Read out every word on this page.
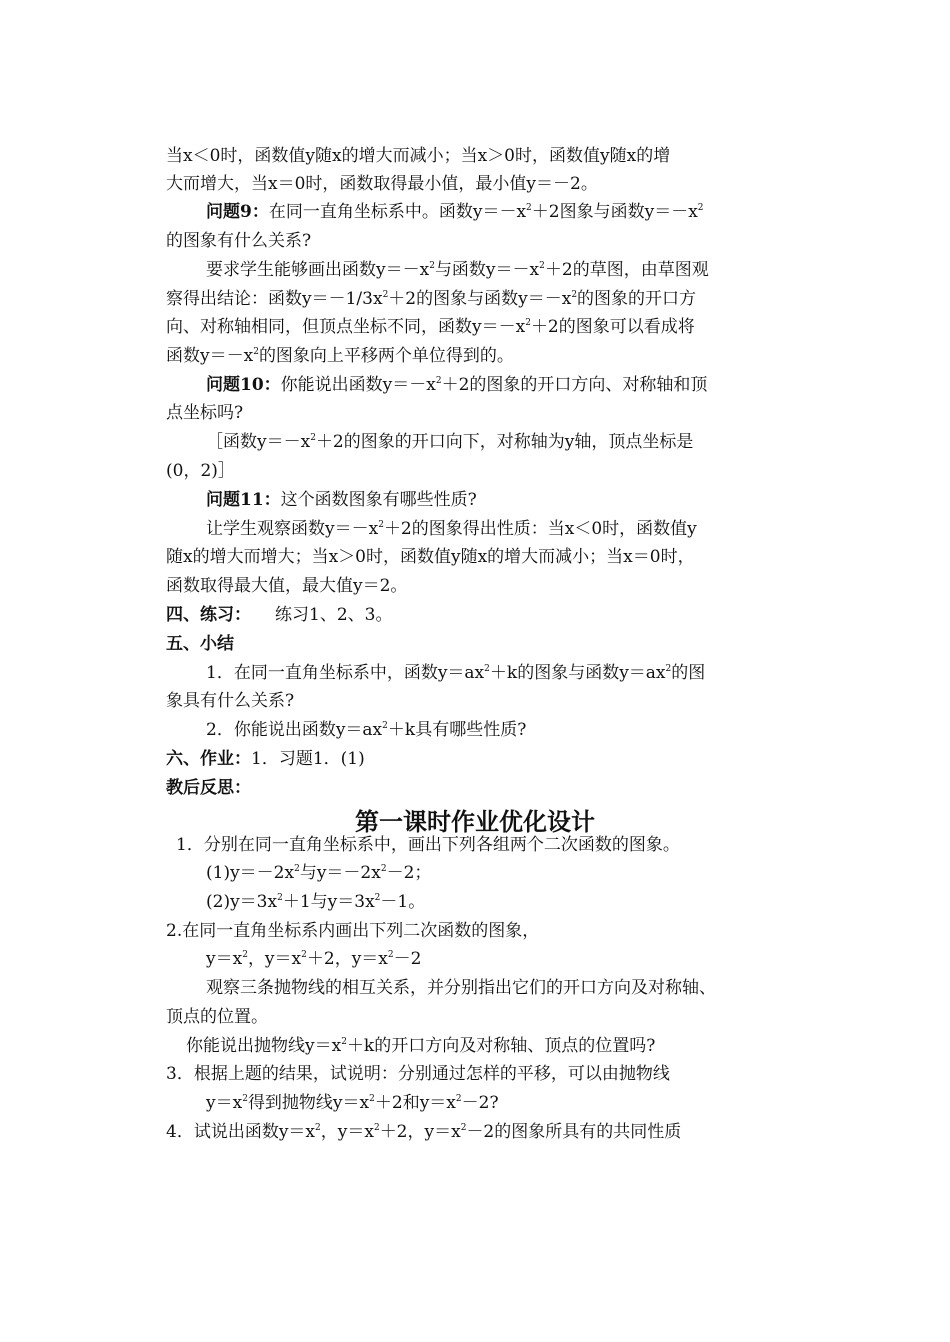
当x＜0时，函数值y随x的增大而减小；当x＞0时，函数值y随x的增
大而增大，当x＝0时，函数取得最小值，最小值y＝－2。
问题9：在同一直角坐标系中。函数$y=-x^2+2$图象与函数$y=-x^2$
的图象有什么关系?
要求学生能够画出函数$y=-x^2$与函数$y=-x^2+2$的草图，由草图观
察得出结论：函数$y=-1/3x^2+2$的图象与函数$y=-x^2$的图象的开口方
向、对称轴相同，但顶点坐标不同，函数$y=-x^2+2$的图象可以看成将
函数$y=-x^2$的图象向上平移两个单位得到的。
问题10：你能说出函数$y=-x^2+2$的图象的开口方向、对称轴和顶
点坐标吗?
［函数$y=-x^2+2$的图象的开口向下，对称轴为y轴，顶点坐标是
(0，2)］
问题11：这个函数图象有哪些性质?
让学生观察函数$y=-x^2+2$的图象得出性质：当x＜0时，函数值y
随x的增大而增大；当x＞0时，函数值y随x的增大而减小；当x＝0时，
函数取得最大值，最大值y＝2。
四、练习： 练习1、2、3。
五、小结
1．在同一直角坐标系中，函数$y=ax^2+k$的图象与函数$y=ax^2$的图
象具有什么关系?
2．你能说出函数$y=ax^2+k$具有哪些性质?
六、作业：1．习题1．(1)
教后反思：
第一课时作业优化设计
1．分别在同一直角坐标系中，画出下列各组两个二次函数的图象。
$(1)y=-2x^2$与$y=-2x^2-2$；
$(2)y=3x^2+1$与$y=3x^2-1$。
2.在同一直角坐标系内画出下列二次函数的图象，
$y=x^2$，$y=x^2+2$，$y=x^2-2$
观察三条抛物线的相互关系，并分别指出它们的开口方向及对称轴、
顶点的位置。
你能说出抛物线$y=x^2+k$的开口方向及对称轴、顶点的位置吗?
3．根据上题的结果，试说明：分别通过怎样的平移，可以由抛物线
$y=x^2$得到抛物线$y=x^2+2$和$y=x^2-2$?
4．试说出函数$y=x^2$，$y=x^2+2$，$y=x^2-2$的图象所具有的共同性质
